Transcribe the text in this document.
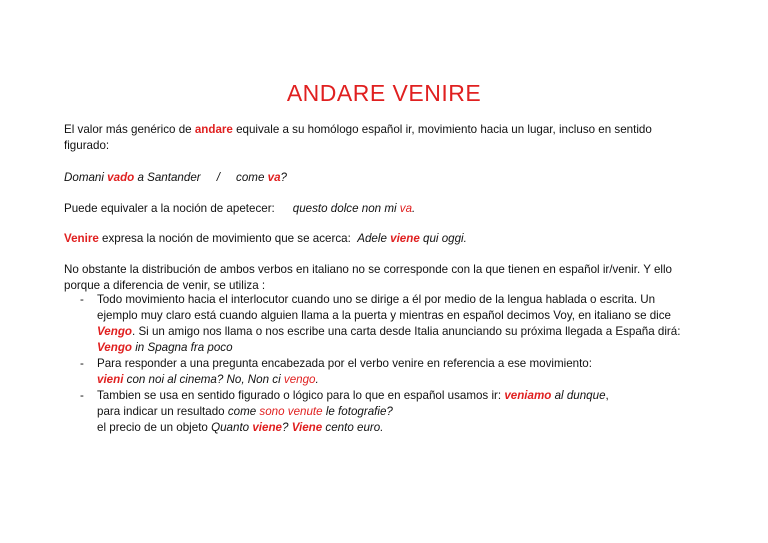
ANDARE VENIRE
El valor más genérico de andare equivale a su homólogo español ir, movimiento hacia un lugar, incluso en sentido
figurado:
Domani vado a Santander     /     come va?
Puede equivaler a la noción de apetecer: questo dolce non mi va.
Venire expresa la noción de movimiento que se acerca:  Adele viene qui oggi.
No obstante la distribución de ambos verbos en italiano no se corresponde con la que tienen en español ir/venir. Y ello
porque a diferencia de venir, se utiliza :
- Todo movimiento hacia el interlocutor cuando uno se dirige a él por medio de la lengua hablada o escrita. Un
ejemplo muy claro está cuando alguien llama a la puerta y mientras en español decimos Voy, en italiano se dice
Vengo. Si un amigo nos llama o nos escribe una carta desde Italia anunciando su próxima llegada a España dirá:
Vengo in Spagna fra poco
- Para responder a una pregunta encabezada por el verbo venire en referencia a ese movimiento:
vieni con noi al cinema? No, Non ci vengo.
- Tambien se usa en sentido figurado o lógico para lo que en español usamos ir: veniamo al dunque,
para indicar un resultado come sono venute le fotografie?
el precio de un objeto Quanto viene? Viene cento euro.
